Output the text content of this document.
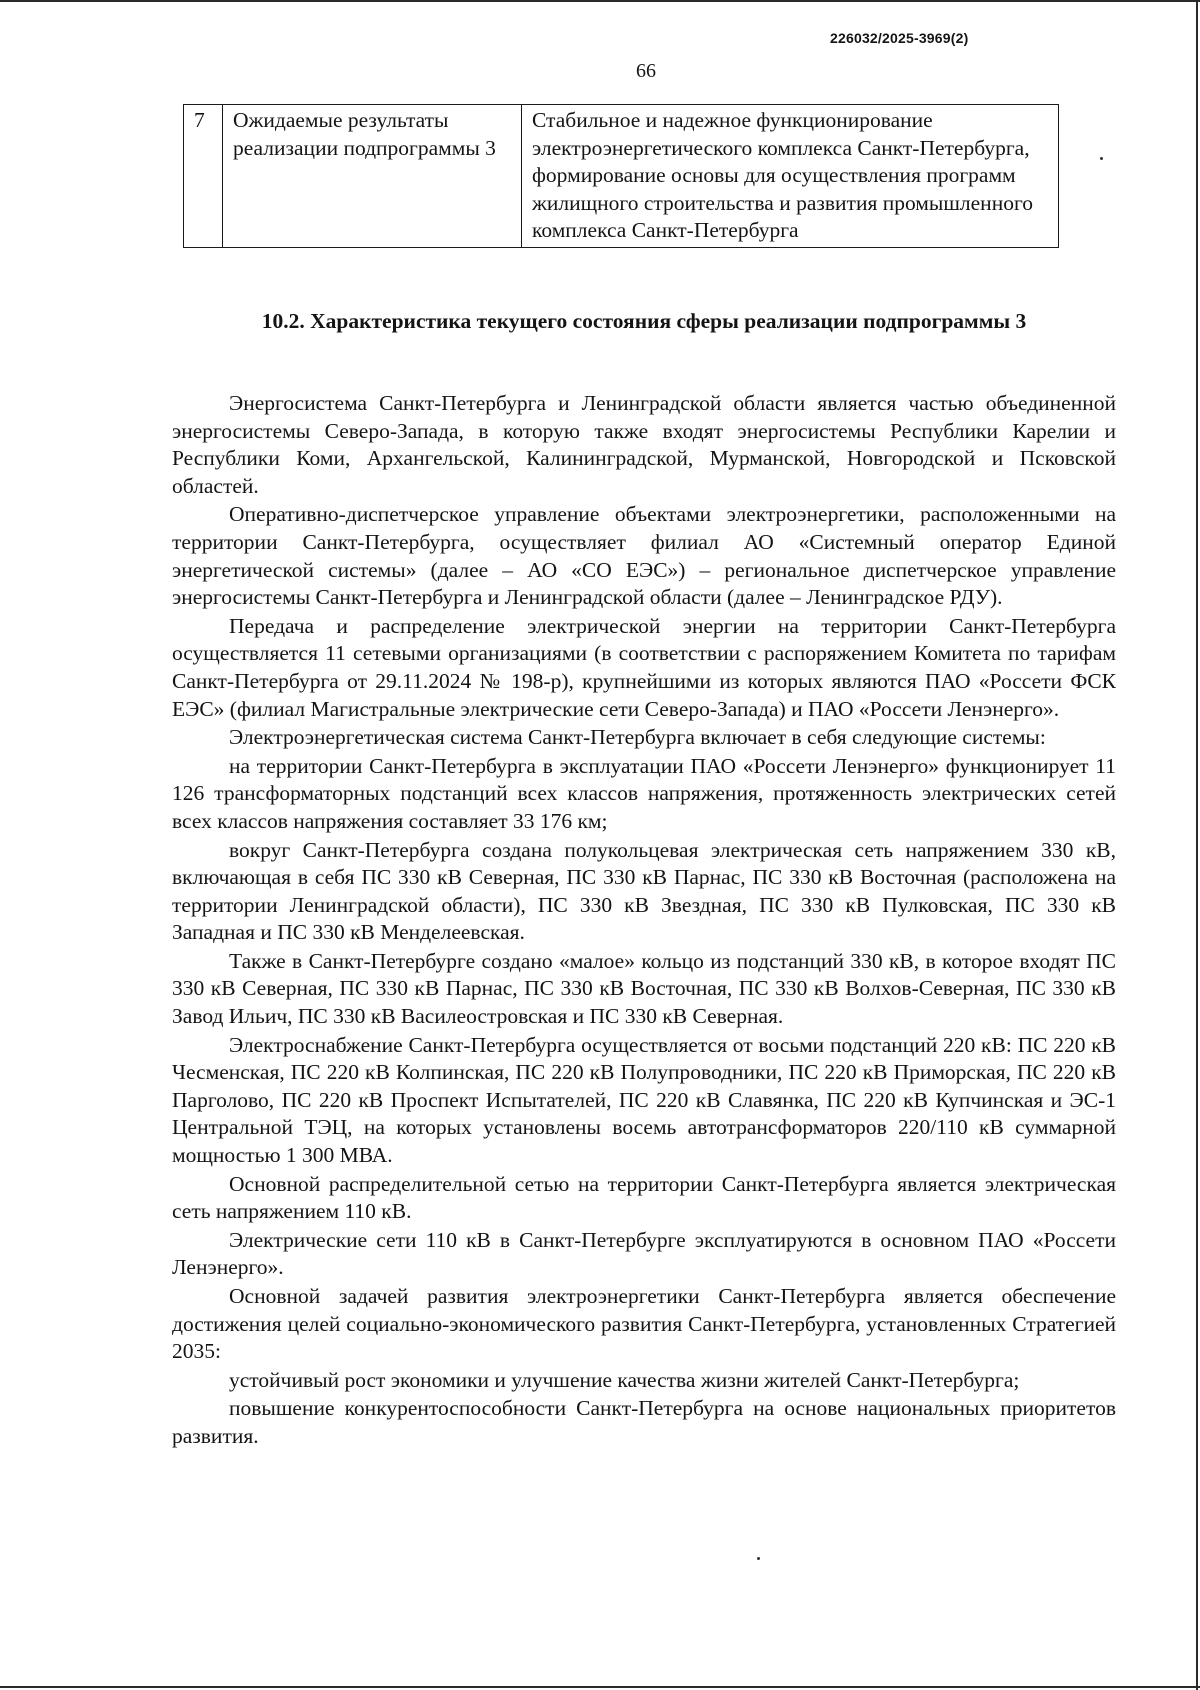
226032/2025-3969(2)
66
7	Ожидаемые результаты реализации подпрограммы 3	Стабильное и надежное функционирование электроэнергетического комплекса Санкт-Петербурга, формирование основы для осуществления программ жилищного строительства и развития промышленного комплекса Санкт-Петербурга
10.2. Характеристика текущего состояния сферы реализации подпрограммы 3

Энергосистема Санкт-Петербурга и Ленинградской области является частью объединенной энергосистемы Северо-Запада, в которую также входят энергосистемы Республики Карелии и Республики Коми, Архангельской, Калининградской, Мурманской, Новгородской и Псковской областей.

Оперативно-диспетчерское управление объектами электроэнергетики, расположенными на территории Санкт-Петербурга, осуществляет филиал АО «Системный оператор Единой энергетической системы» (далее – АО «СО ЕЭС») – региональное диспетчерское управление энергосистемы Санкт-Петербурга и Ленинградской области (далее – Ленинградское РДУ).

Передача и распределение электрической энергии на территории Санкт-Петербурга осуществляется 11 сетевыми организациями (в соответствии с распоряжением Комитета по тарифам Санкт-Петербурга от 29.11.2024 № 198-р), крупнейшими из которых являются ПАО «Россети ФСК ЕЭС» (филиал Магистральные электрические сети Северо-Запада) и ПАО «Россети Ленэнерго».

Электроэнергетическая система Санкт-Петербурга включает в себя следующие системы:

на территории Санкт-Петербурга в эксплуатации ПАО «Россети Ленэнерго» функционирует 11 126 трансформаторных подстанций всех классов напряжения, протяженность электрических сетей всех классов напряжения составляет 33 176 км;

вокруг Санкт-Петербурга создана полукольцевая электрическая сеть напряжением 330 кВ, включающая в себя ПС 330 кВ Северная, ПС 330 кВ Парнас, ПС 330 кВ Восточная (расположена на территории Ленинградской области), ПС 330 кВ Звездная, ПС 330 кВ Пулковская, ПС 330 кВ Западная и ПС 330 кВ Менделеевская.

Также в Санкт-Петербурге создано «малое» кольцо из подстанций 330 кВ, в которое входят ПС 330 кВ Северная, ПС 330 кВ Парнас, ПС 330 кВ Восточная, ПС 330 кВ Волхов-Северная, ПС 330 кВ Завод Ильич, ПС 330 кВ Василеостровская и ПС 330 кВ Северная.

Электроснабжение Санкт-Петербурга осуществляется от восьми подстанций 220 кВ: ПС 220 кВ Чесменская, ПС 220 кВ Колпинская, ПС 220 кВ Полупроводники, ПС 220 кВ Приморская, ПС 220 кВ Парголово, ПС 220 кВ Проспект Испытателей, ПС 220 кВ Славянка, ПС 220 кВ Купчинская и ЭС-1 Центральной ТЭЦ, на которых установлены восемь автотрансформаторов 220/110 кВ суммарной мощностью 1 300 МВА.

Основной распределительной сетью на территории Санкт-Петербурга является электрическая сеть напряжением 110 кВ.

Электрические сети 110 кВ в Санкт-Петербурге эксплуатируются в основном ПАО «Россети Ленэнерго».

Основной задачей развития электроэнергетики Санкт-Петербурга является обеспечение достижения целей социально-экономического развития Санкт-Петербурга, установленных Стратегией 2035:

устойчивый рост экономики и улучшение качества жизни жителей Санкт-Петербурга;

повышение конкурентоспособности Санкт-Петербурга на основе национальных приоритетов развития.
